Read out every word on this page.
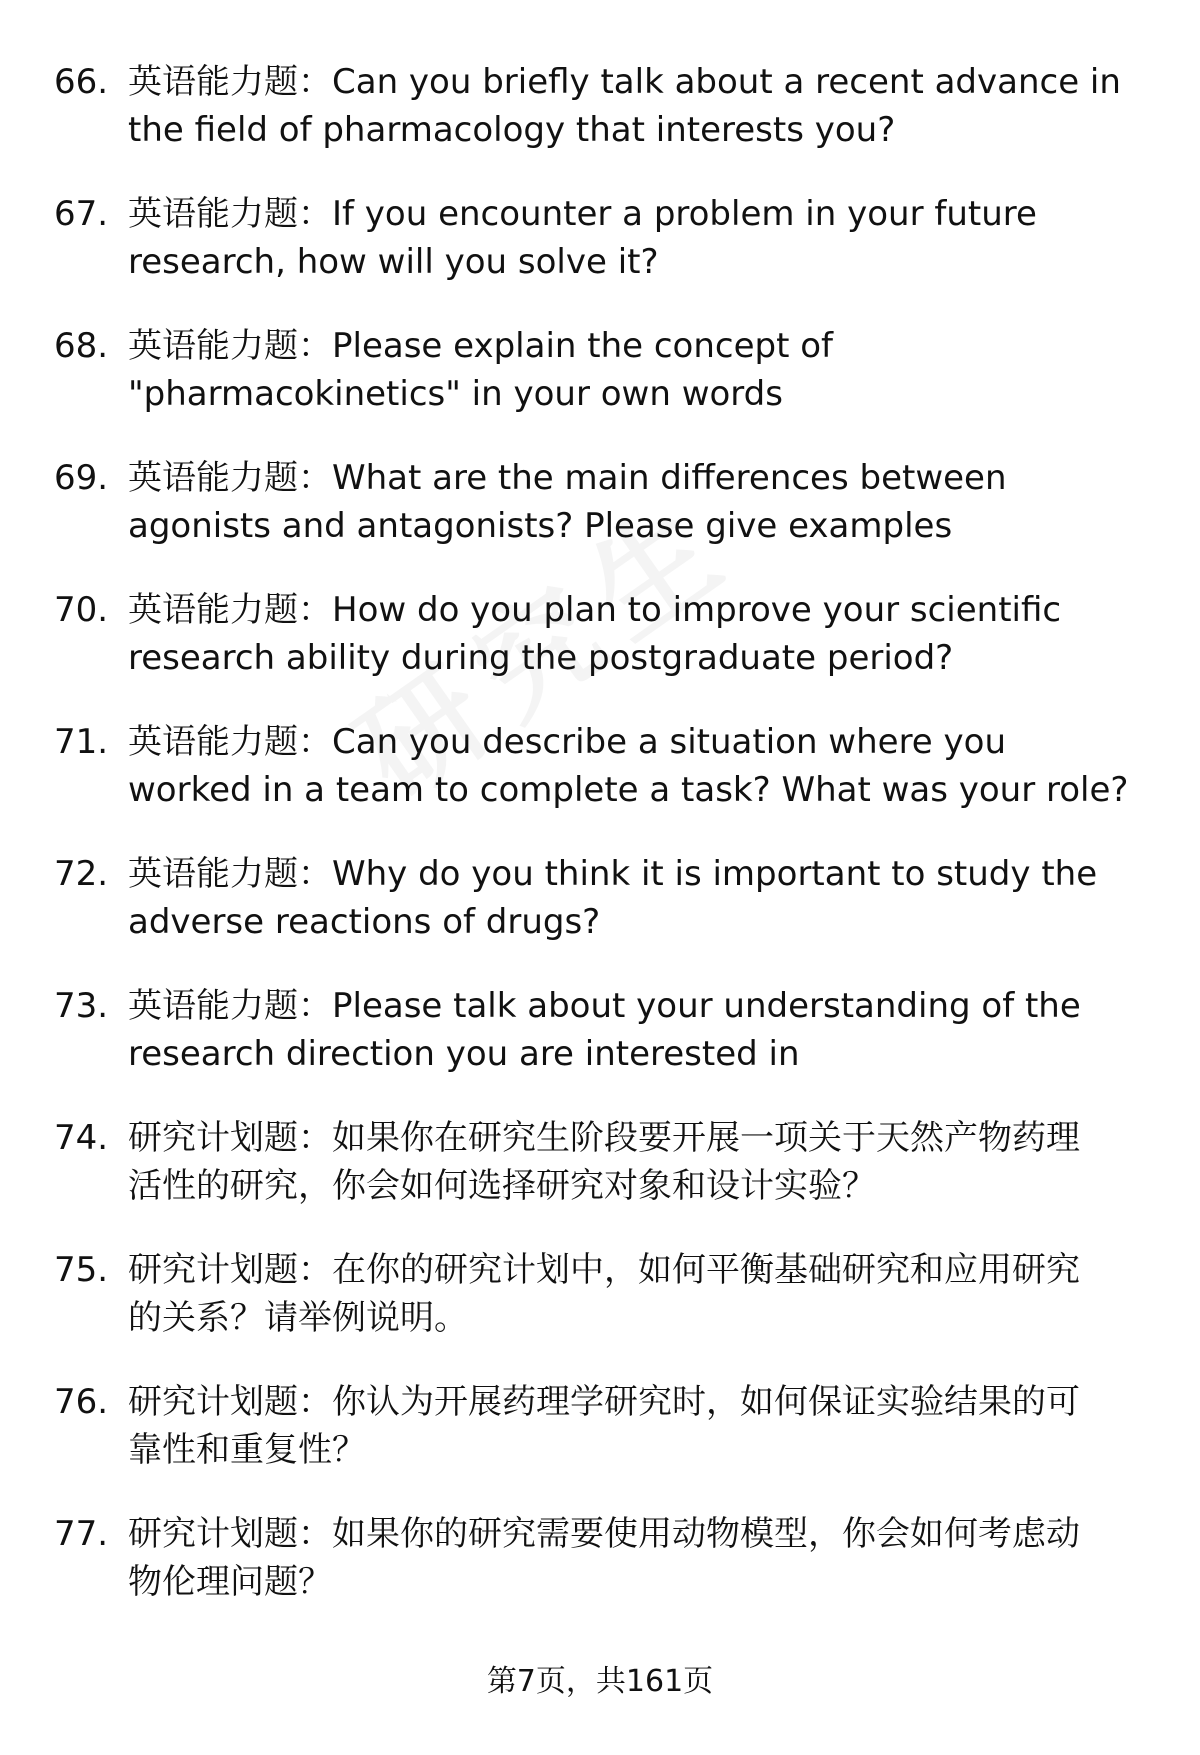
66. 英语能力题：Can you briefly talk about a recent advance in
the field of pharmacology that interests you?

67. 英语能力题：If you encounter a problem in your future
research, how will you solve it?

68. 英语能力题：Please explain the concept of
"pharmacokinetics" in your own words

69. 英语能力题：What are the main differences between
agonists and antagonists? Please give examples

70. 英语能力题：How do you plan to improve your scientific
research ability during the postgraduate period?

71. 英语能力题：Can you describe a situation where you
worked in a team to complete a task? What was your role?

72. 英语能力题：Why do you think it is important to study the
adverse reactions of drugs?

73. 英语能力题：Please talk about your understanding of the
research direction you are interested in

74. 研究计划题：如果你在研究生阶段要开展一项关于天然产物药理
活性的研究，你会如何选择研究对象和设计实验？

75. 研究计划题：在你的研究计划中，如何平衡基础研究和应用研究
的关系？请举例说明。

76. 研究计划题：你认为开展药理学研究时，如何保证实验结果的可
靠性和重复性？

77. 研究计划题：如果你的研究需要使用动物模型，你会如何考虑动
物伦理问题？

第7页，共161页
